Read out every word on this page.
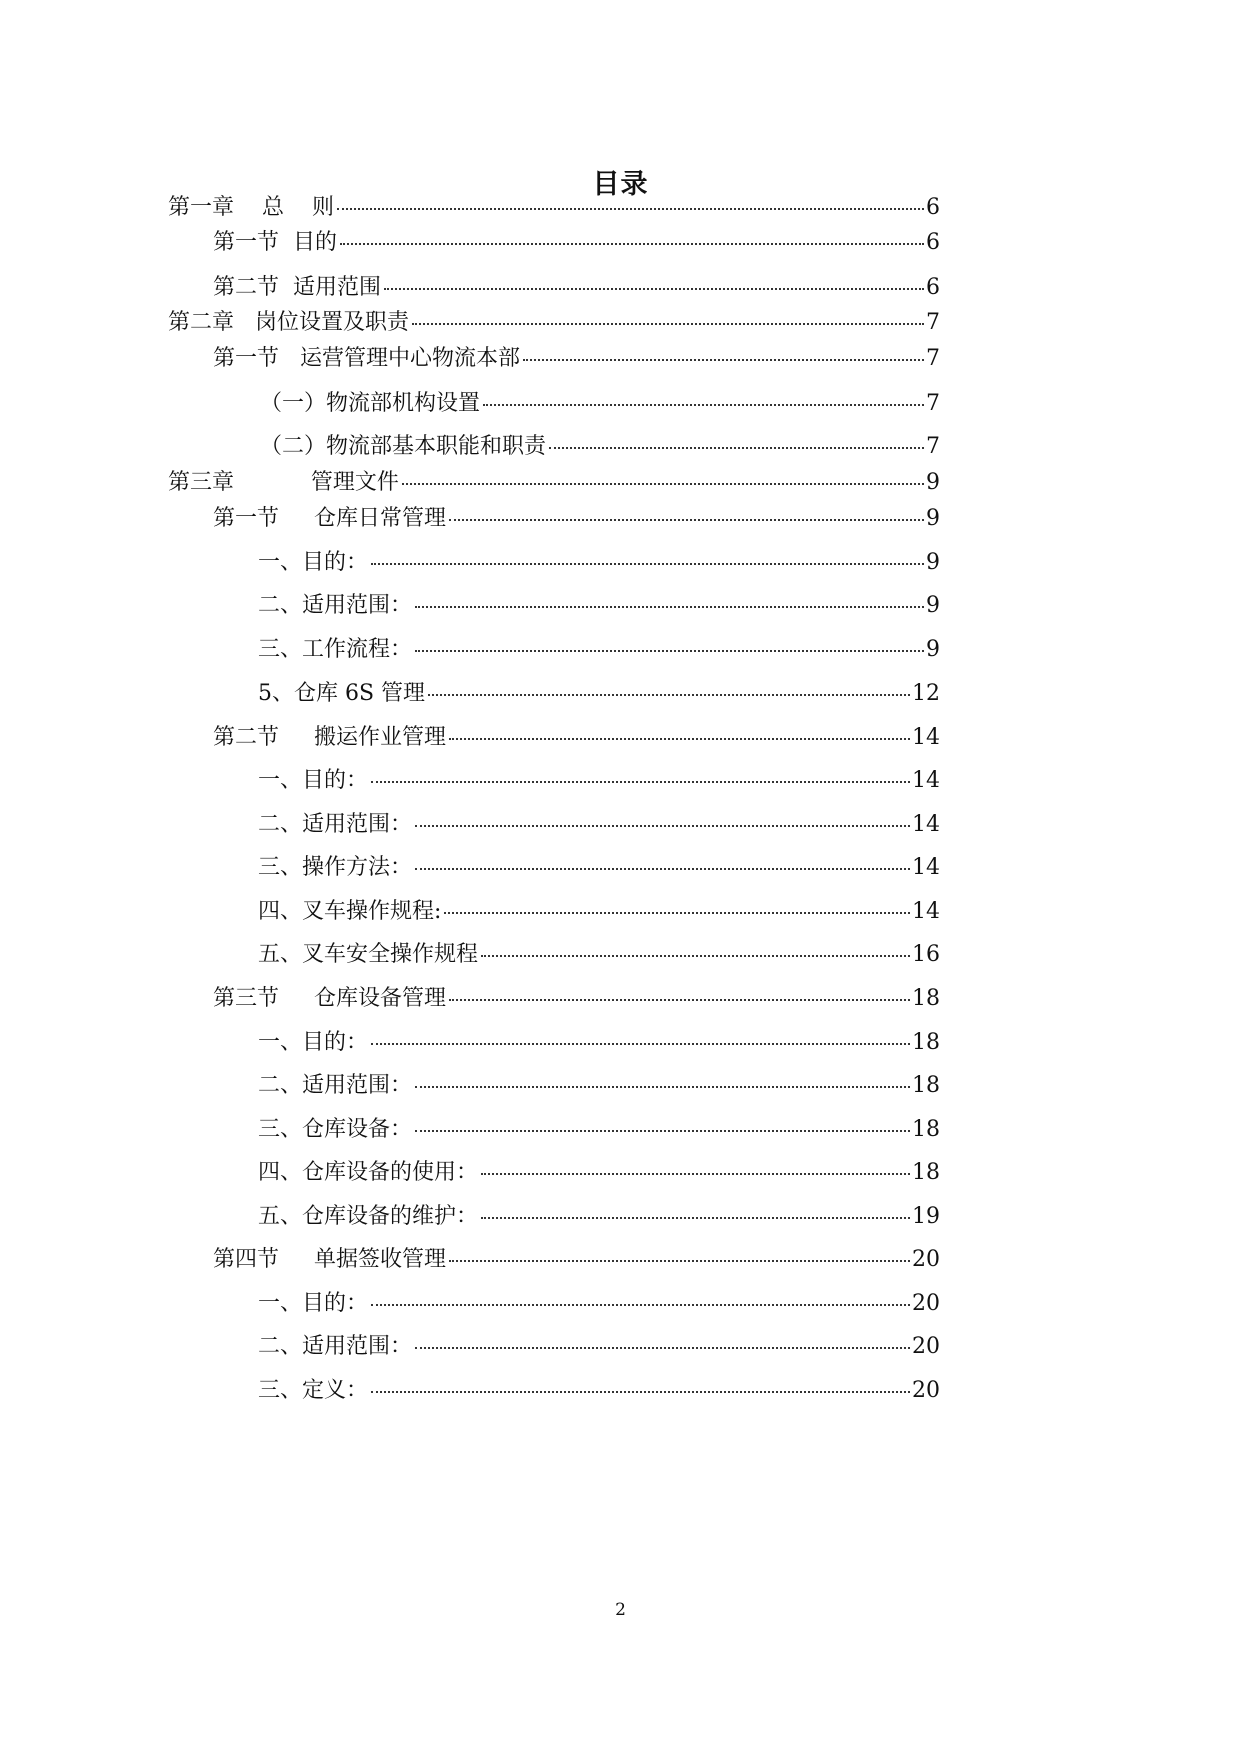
目录
第一章    总    则	6
第一节  目的	6
第二节  适用范围	6
第二章   岗位设置及职责	7
第一节   运营管理中心物流本部	7
（一）物流部机构设置	7
（二）物流部基本职能和职责	7
第三章           管理文件	9
第一节     仓库日常管理	9
一、目的：	9
二、适用范围：	9
三、工作流程：	9
5、仓库 6S 管理	12
第二节     搬运作业管理	14
一、目的：	14
二、适用范围：	14
三、操作方法：	14
四、叉车操作规程:	14
五、叉车安全操作规程	16
第三节     仓库设备管理	18
一、目的：	18
二、适用范围：	18
三、仓库设备：	18
四、仓库设备的使用：	18
五、仓库设备的维护：	19
第四节     单据签收管理	20
一、目的：	20
二、适用范围：	20
三、定义：	20
2
